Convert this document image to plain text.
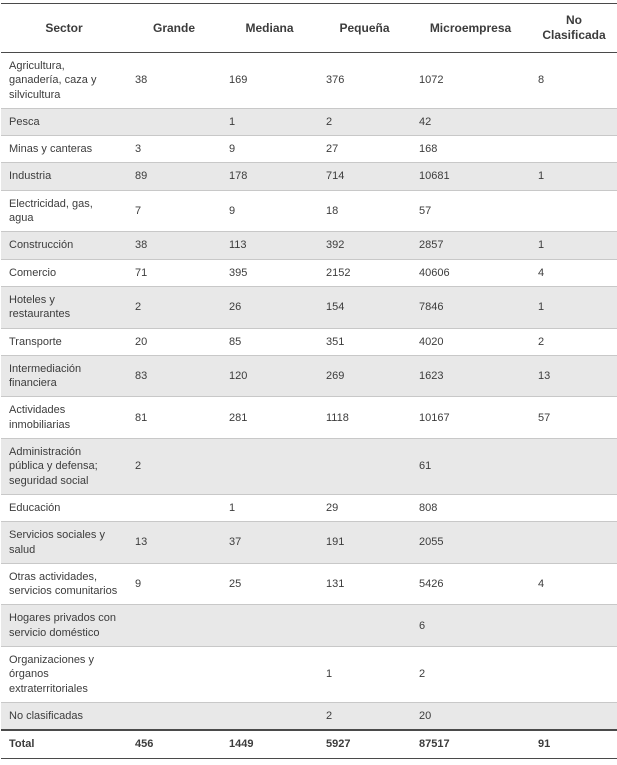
Sector	Grande	Mediana	Pequeña	Microempresa	No Clasificada
Agricultura, ganadería, caza y silvicultura	38	169	376	1072	8
Pesca		1	2	42	
Minas y canteras	3	9	27	168	
Industria	89	178	714	10681	1
Electricidad, gas, agua	7	9	18	57	
Construcción	38	113	392	2857	1
Comercio	71	395	2152	40606	4
Hoteles y restaurantes	2	26	154	7846	1
Transporte	20	85	351	4020	2
Intermediación financiera	83	120	269	1623	13
Actividades inmobiliarias	81	281	1118	10167	57
Administración pública y defensa; seguridad social	2			61	
Educación		1	29	808	
Servicios sociales y salud	13	37	191	2055	
Otras actividades, servicios comunitarios	9	25	131	5426	4
Hogares privados con servicio doméstico				6	
Organizaciones y órganos extraterritoriales			1	2	
No clasificadas			2	20	
Total	456	1449	5927	87517	91
